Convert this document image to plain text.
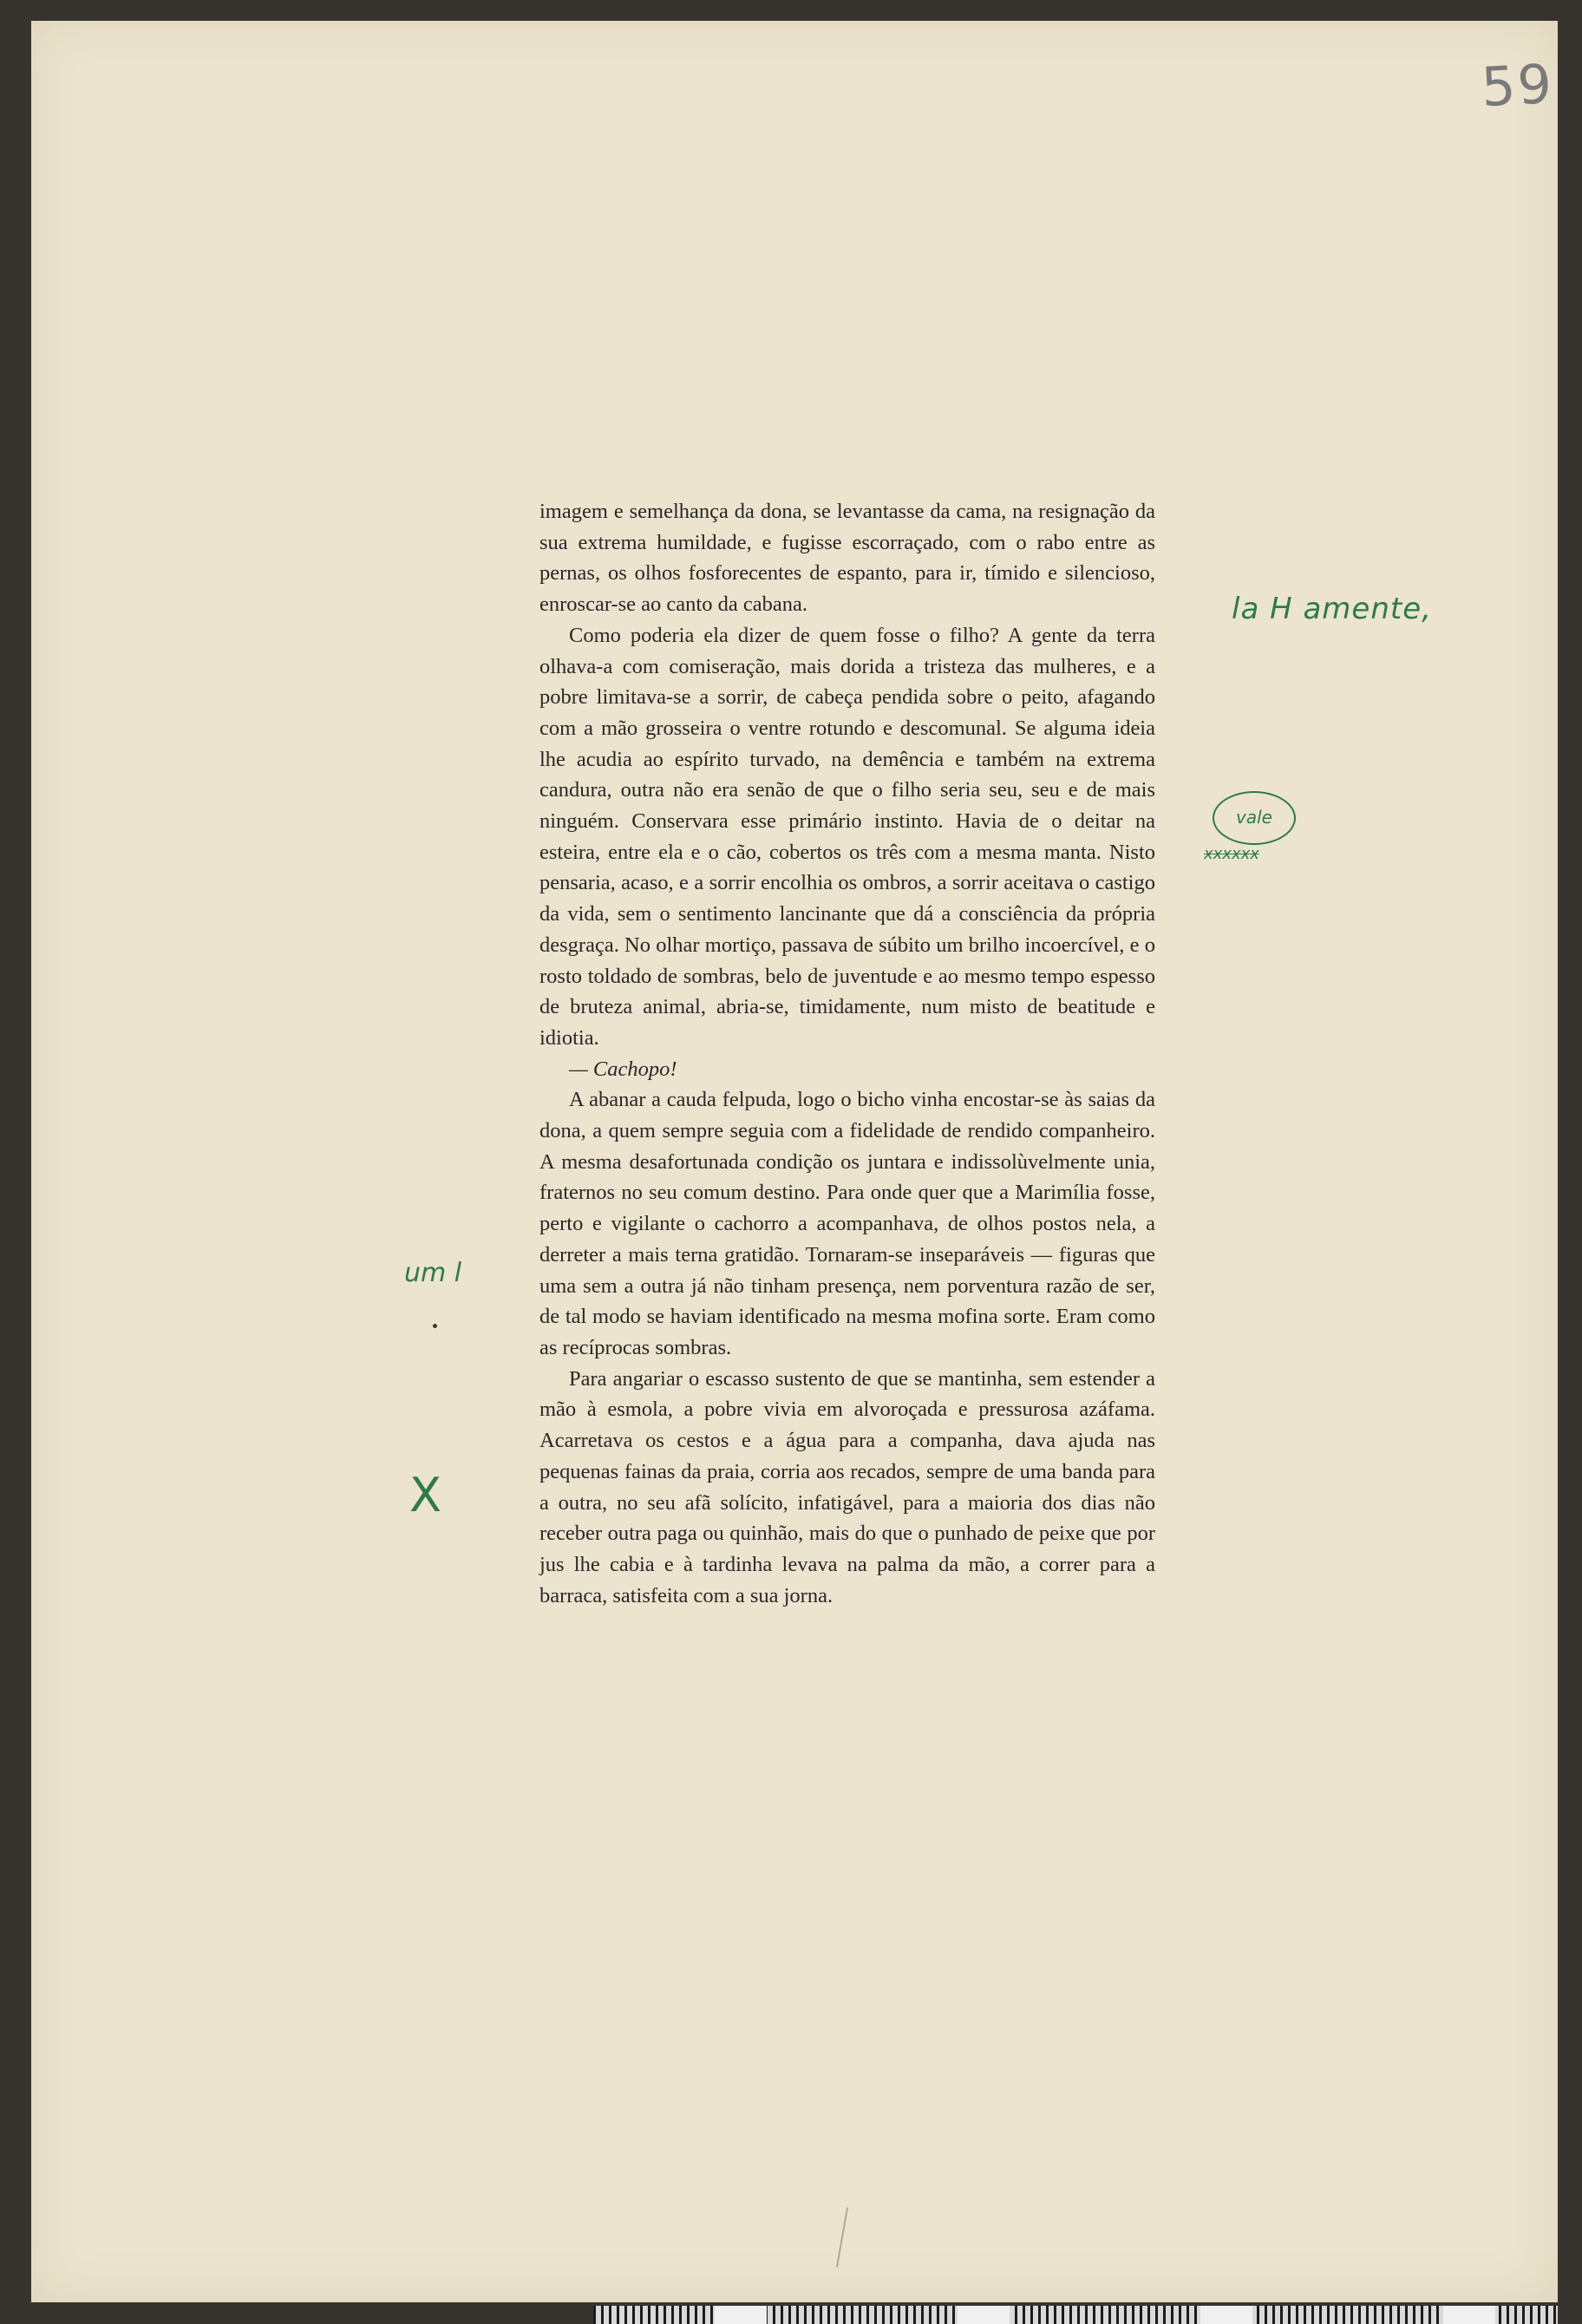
59

imagem e semelhança da dona, se levantasse da cama, na resignação da sua extrema humildade, e fugisse escorraçado, com o rabo entre as pernas, os olhos fosforecentes de espanto, para ir, tímido e silencioso, enroscar-se ao canto da cabana.

Como poderia ela dizer de quem fosse o filho? A gente da terra olhava-a com comiseração, mais dorida a tristeza das mulheres, e a pobre limitava-se a sorrir, de cabeça pendida sobre o peito, afagando com a mão grosseira o ventre rotundo e descomunal. Se alguma ideia lhe acudia ao espírito turvado, na demência e também na extrema candura, outra não era senão de que o filho seria seu, seu e de mais ninguém. Conservara esse primário instinto. Havia de o deitar na esteira, entre ela e o cão, cobertos os três com a mesma manta. Nisto pensaria, acaso, e a sorrir encolhia os ombros, a sorrir aceitava o castigo da vida, sem o sentimento lancinante que dá a consciência da própria desgraça. No olhar mortiço, passava de súbito um brilho incoercível, e o rosto toldado de sombras, belo de juventude e ao mesmo tempo espesso de bruteza animal, abria-se, timidamente, num misto de beatitude e idiotia.

— Cachopo!

A abanar a cauda felpuda, logo o bicho vinha encostar-se às saias da dona, a quem sempre seguia com a fidelidade de rendido companheiro. A mesma desafortunada condição os juntara e indissolùvelmente unia, fraternos no seu comum destino. Para onde quer que a Marimília fosse, perto e vigilante o cachorro a acompanhava, de olhos postos nela, a derreter a mais terna gratidão. Tornaram-se inseparáveis — figuras que uma sem a outra já não tinham presença, nem porventura razão de ser, de tal modo se haviam identificado na mesma mofina sorte. Eram como as recíprocas sombras.

Para angariar o escasso sustento de que se mantinha, sem estender a mão à esmola, a pobre vivia em alvoroçada e pressurosa azáfama. Acarretava os cestos e a água para a companha, dava ajuda nas pequenas fainas da praia, corria aos recados, sempre de uma banda para a outra, no seu afã solícito, infatigável, para a maioria dos dias não receber outra paga ou quinhão, mais do que o punhado de peixe que por jus lhe cabia e à tardinha levava na palma da mão, a correr para a barraca, satisfeita com a sua jorna.

la H amente,
vale
xxxxxx
um l
X
